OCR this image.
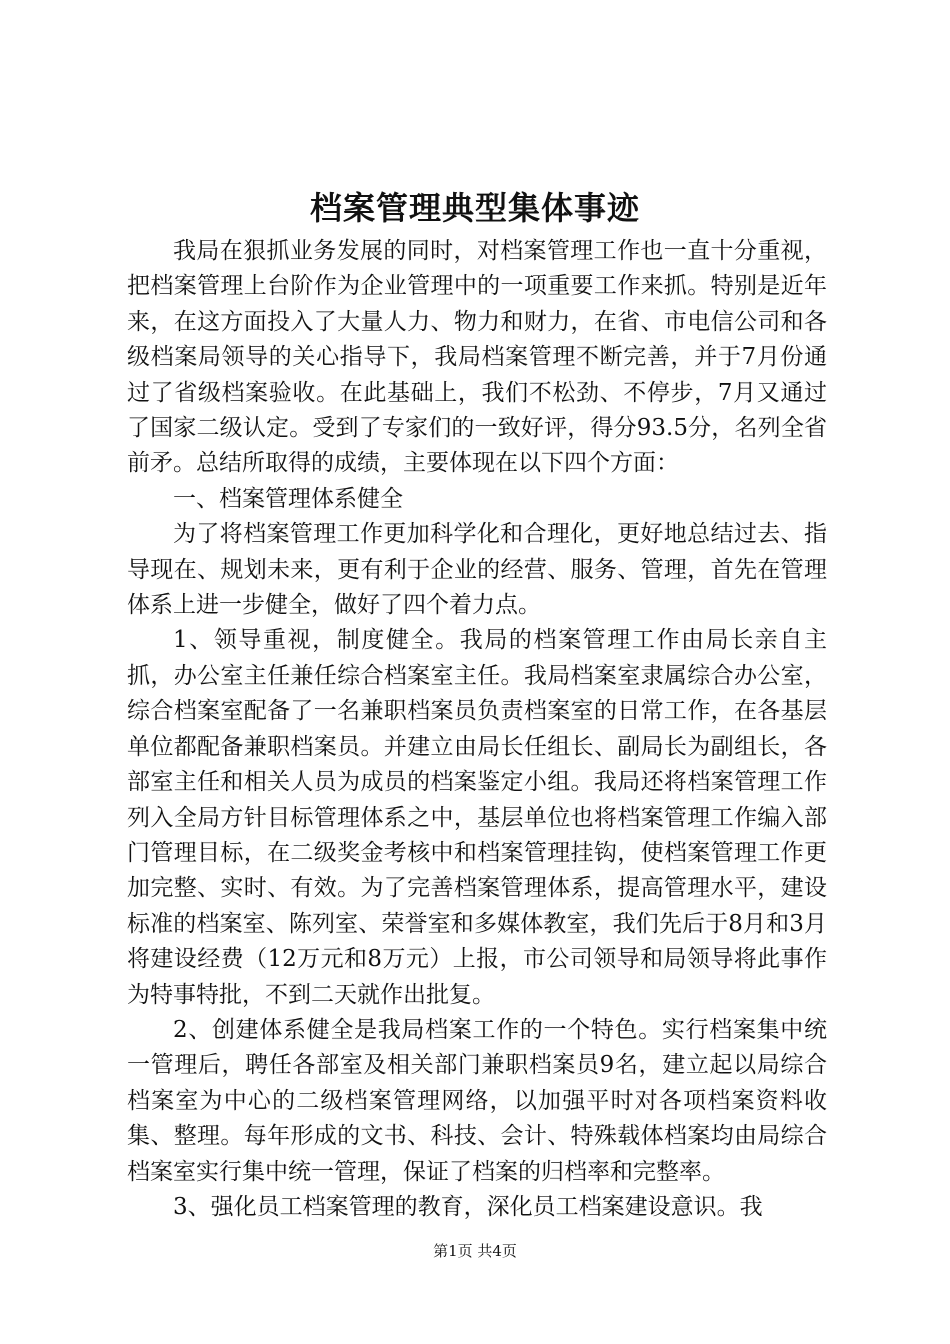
档案管理典型集体事迹

我局在狠抓业务发展的同时，对档案管理工作也一直十分重视，把档案管理上台阶作为企业管理中的一项重要工作来抓。特别是近年来，在这方面投入了大量人力、物力和财力，在省、市电信公司和各级档案局领导的关心指导下，我局档案管理不断完善，并于7月份通过了省级档案验收。在此基础上，我们不松劲、不停步，7月又通过了国家二级认定。受到了专家们的一致好评，得分93.5分，名列全省前矛。总结所取得的成绩，主要体现在以下四个方面：

一、档案管理体系健全

为了将档案管理工作更加科学化和合理化，更好地总结过去、指导现在、规划未来，更有利于企业的经营、服务、管理，首先在管理体系上进一步健全，做好了四个着力点。

1、领导重视，制度健全。我局的档案管理工作由局长亲自主抓，办公室主任兼任综合档案室主任。我局档案室隶属综合办公室，综合档案室配备了一名兼职档案员负责档案室的日常工作，在各基层单位都配备兼职档案员。并建立由局长任组长、副局长为副组长，各部室主任和相关人员为成员的档案鉴定小组。我局还将档案管理工作列入全局方针目标管理体系之中，基层单位也将档案管理工作编入部门管理目标，在二级奖金考核中和档案管理挂钩，使档案管理工作更加完整、实时、有效。为了完善档案管理体系，提高管理水平，建设标准的档案室、陈列室、荣誉室和多媒体教室，我们先后于8月和3月将建设经费（12万元和8万元）上报，市公司领导和局领导将此事作为特事特批，不到二天就作出批复。

2、创建体系健全是我局档案工作的一个特色。实行档案集中统一管理后，聘任各部室及相关部门兼职档案员9名，建立起以局综合档案室为中心的二级档案管理网络，以加强平时对各项档案资料收集、整理。每年形成的文书、科技、会计、特殊载体档案均由局综合档案室实行集中统一管理，保证了档案的归档率和完整率。

3、强化员工档案管理的教育，深化员工档案建设意识。我

第1页 共4页
